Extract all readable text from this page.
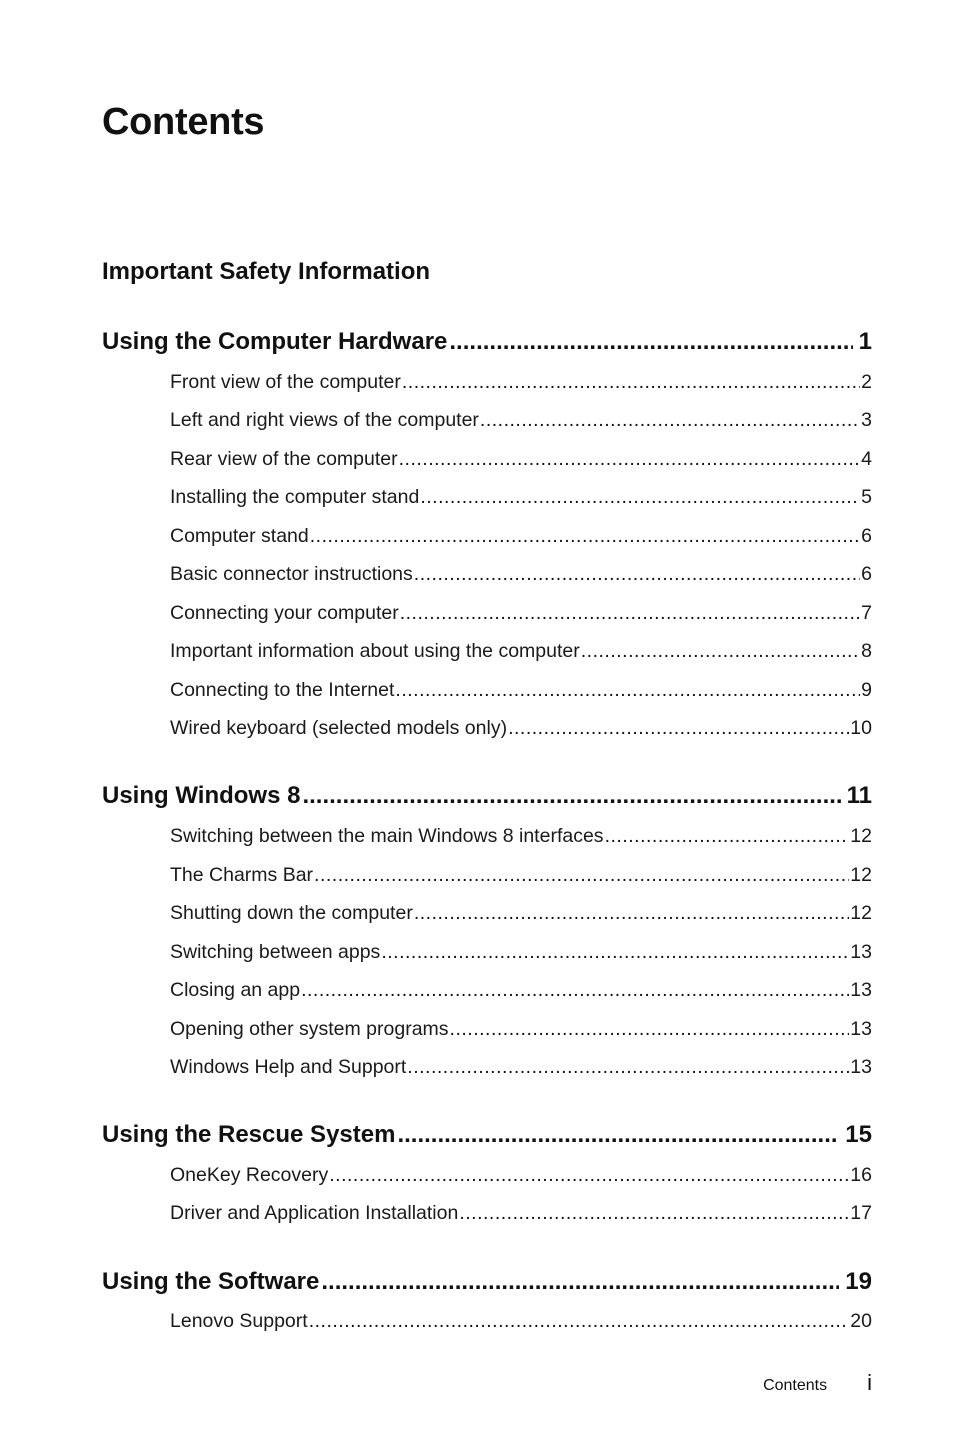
Contents
Important Safety Information
Using the Computer Hardware .....	1
Front view of the computer .....	2
Left and right views of the computer .....	3
Rear view of the computer .....	4
Installing the computer stand .....	5
Computer stand .....	6
Basic connector instructions .....	6
Connecting your computer .....	7
Important information about using the computer .....	8
Connecting to the Internet .....	9
Wired keyboard (selected models only) .....	10
Using Windows 8 .....	11
Switching between the main Windows 8 interfaces .....	12
The Charms Bar .....	12
Shutting down the computer .....	12
Switching between apps .....	13
Closing an app .....	13
Opening other system programs .....	13
Windows Help and Support .....	13
Using the Rescue System .....	15
OneKey Recovery .....	16
Driver and Application Installation .....	17
Using the Software .....	19
Lenovo Support .....	20
Contents i
